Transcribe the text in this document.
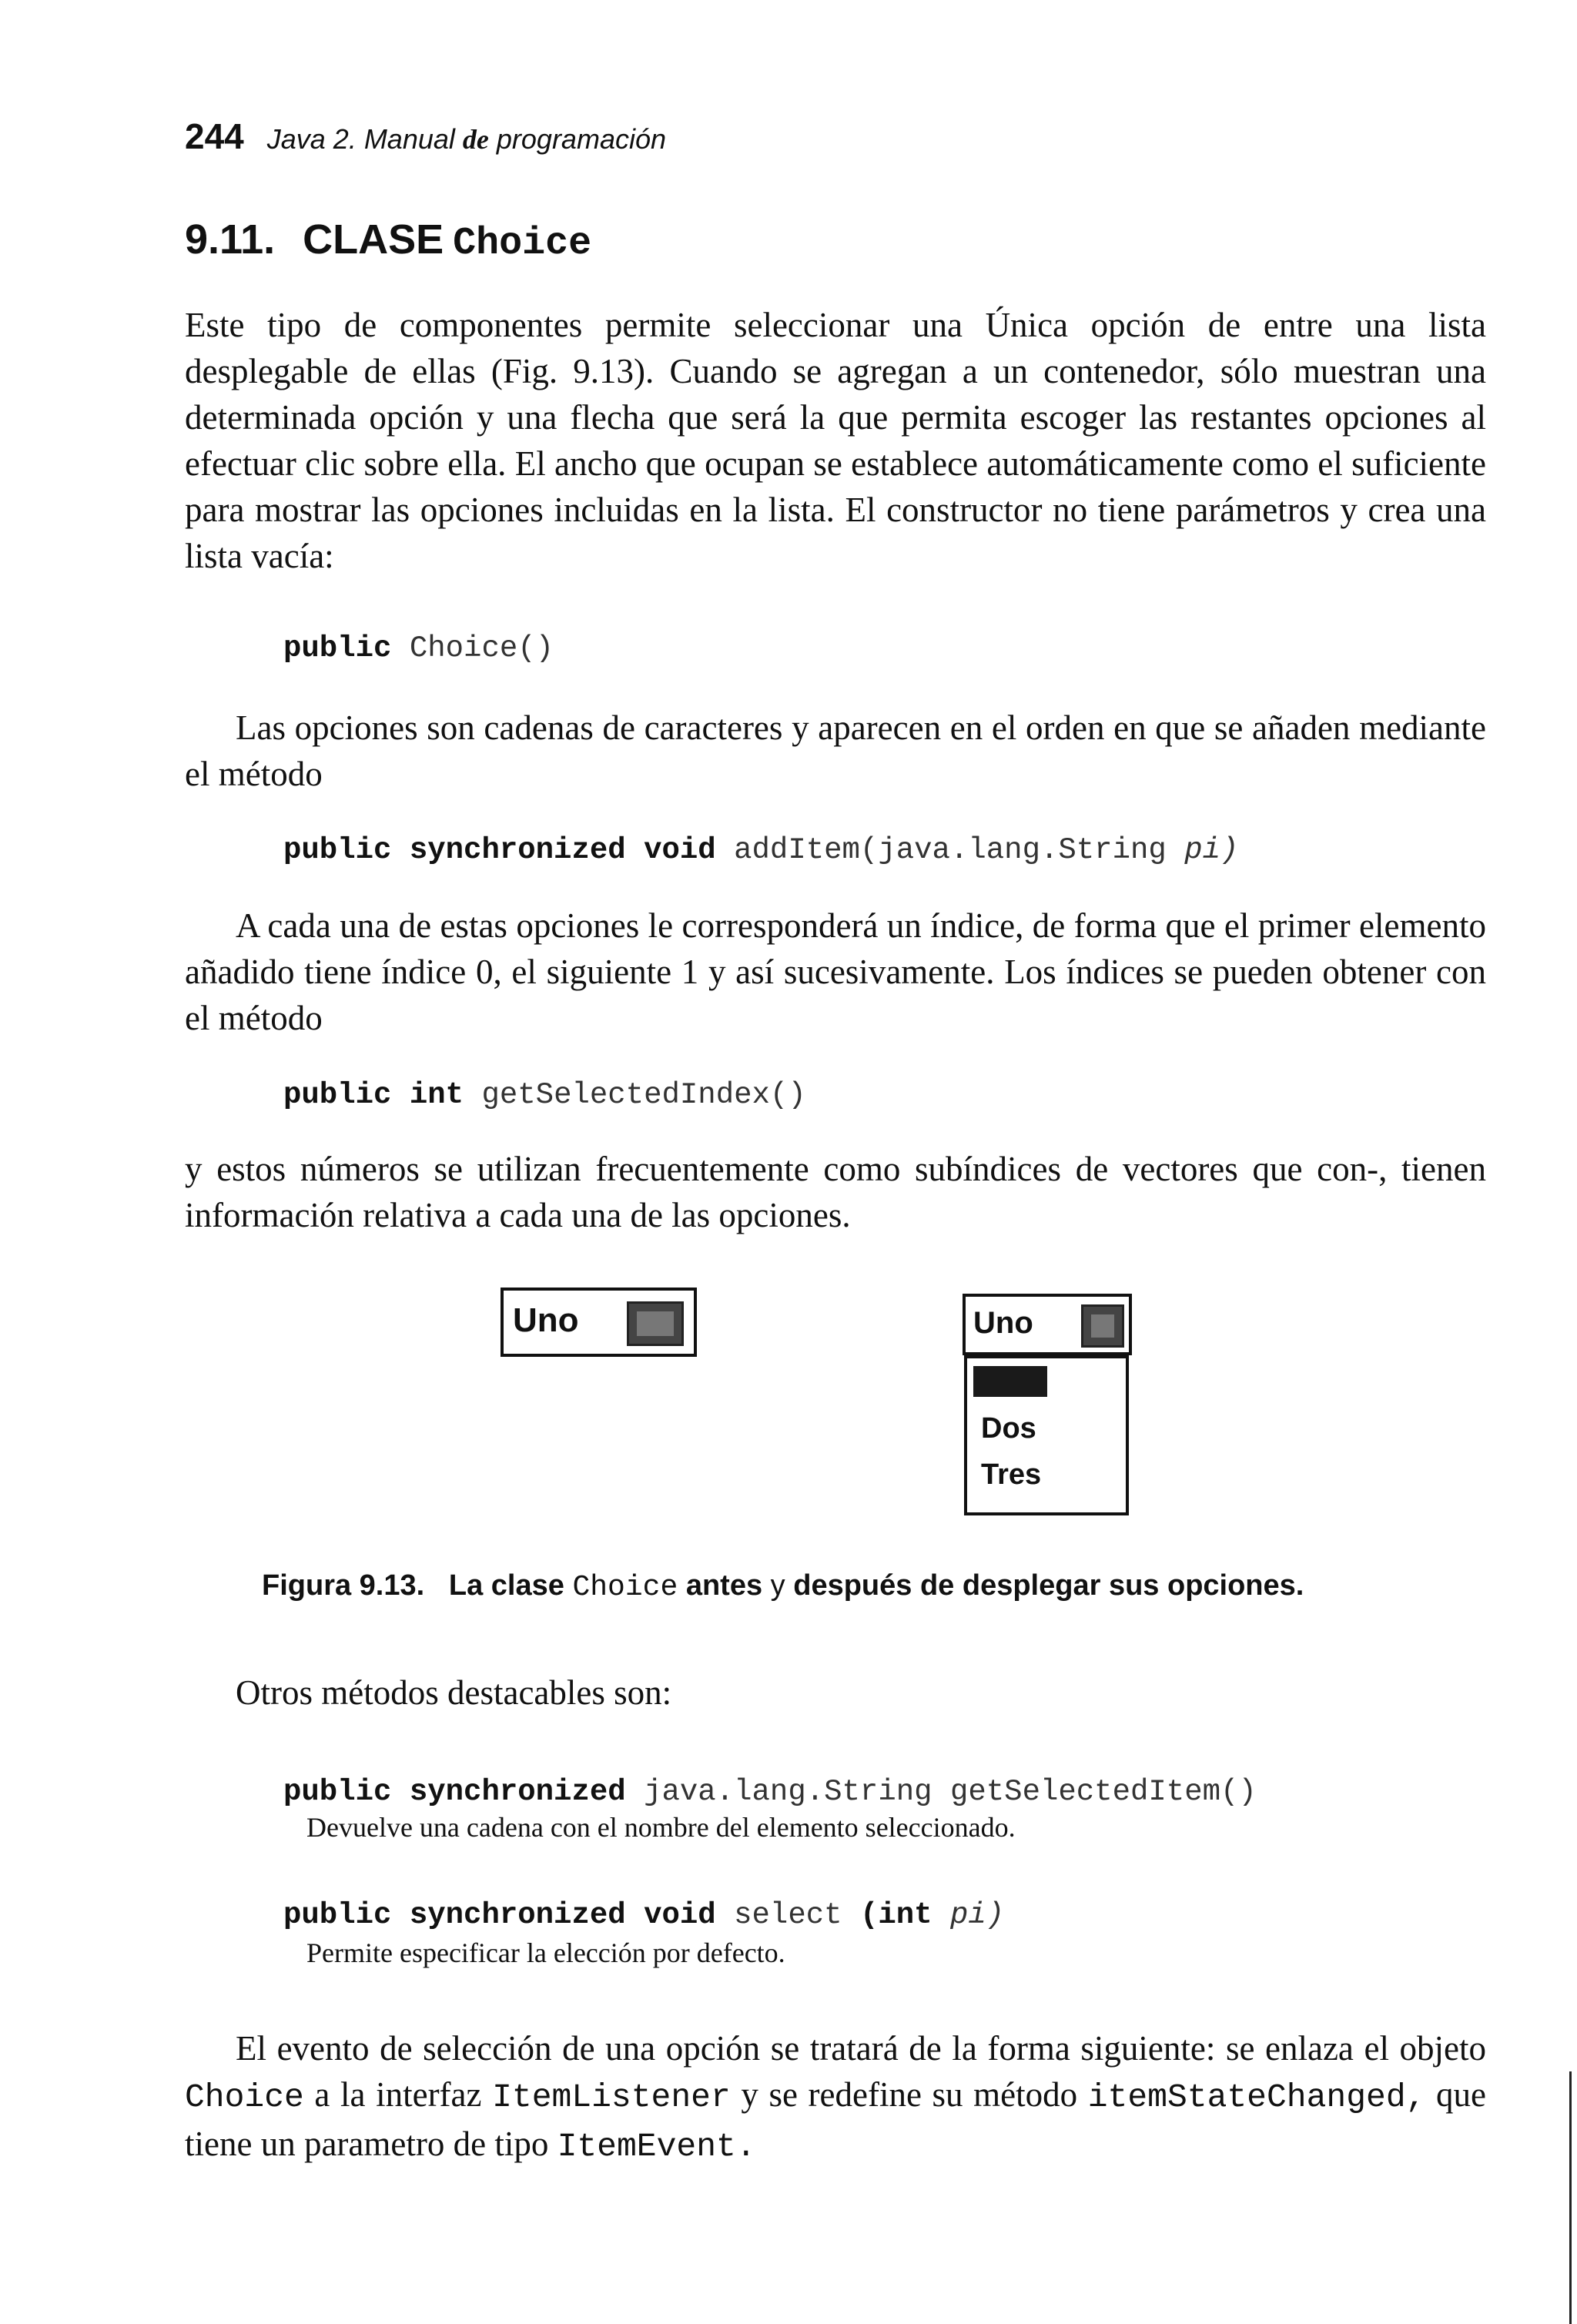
244 Java 2. Manual de programación
9.11. CLASE Choice

Este tipo de componentes permite seleccionar una Única opción de entre una lista desplegable de ellas (Fig. 9.13). Cuando se agregan a un contenedor, sólo muestran una determinada opción y una flecha que será la que permita escoger las restantes opciones al efectuar clic sobre ella. El ancho que ocupan se establece automáticamente como el suficiente para mostrar las opciones incluidas en la lista. El constructor no tiene parámetros y crea una lista vacía:

public Choice()

Las opciones son cadenas de caracteres y aparecen en el orden en que se añaden mediante el método

public synchronized void addItem(java.lang.String pi)

A cada una de estas opciones le corresponderá un índice, de forma que el primer elemento añadido tiene índice 0, el siguiente 1 y así sucesivamente. Los índices se pueden obtener con el método

public int getSelectedIndex()

y estos números se utilizan frecuentemente como subíndices de vectores que con-, tienen información relativa a cada una de las opciones.

Uno	Uno
Dos
Tres
Figura 9.13. La clase Choice antes y después de desplegar sus opciones.

Otros métodos destacables son:

public synchronized java.lang.String getSelectedItem()
Devuelve una cadena con el nombre del elemento seleccionado.
public synchronized void select (int pi)
Permite especificar la elección por defecto.

El evento de selección de una opción se tratará de la forma siguiente: se enlaza el objeto Choice a la interfaz ItemListener y se redefine su método itemStateChanged, que tiene un parametro de tipo ItemEvent.
